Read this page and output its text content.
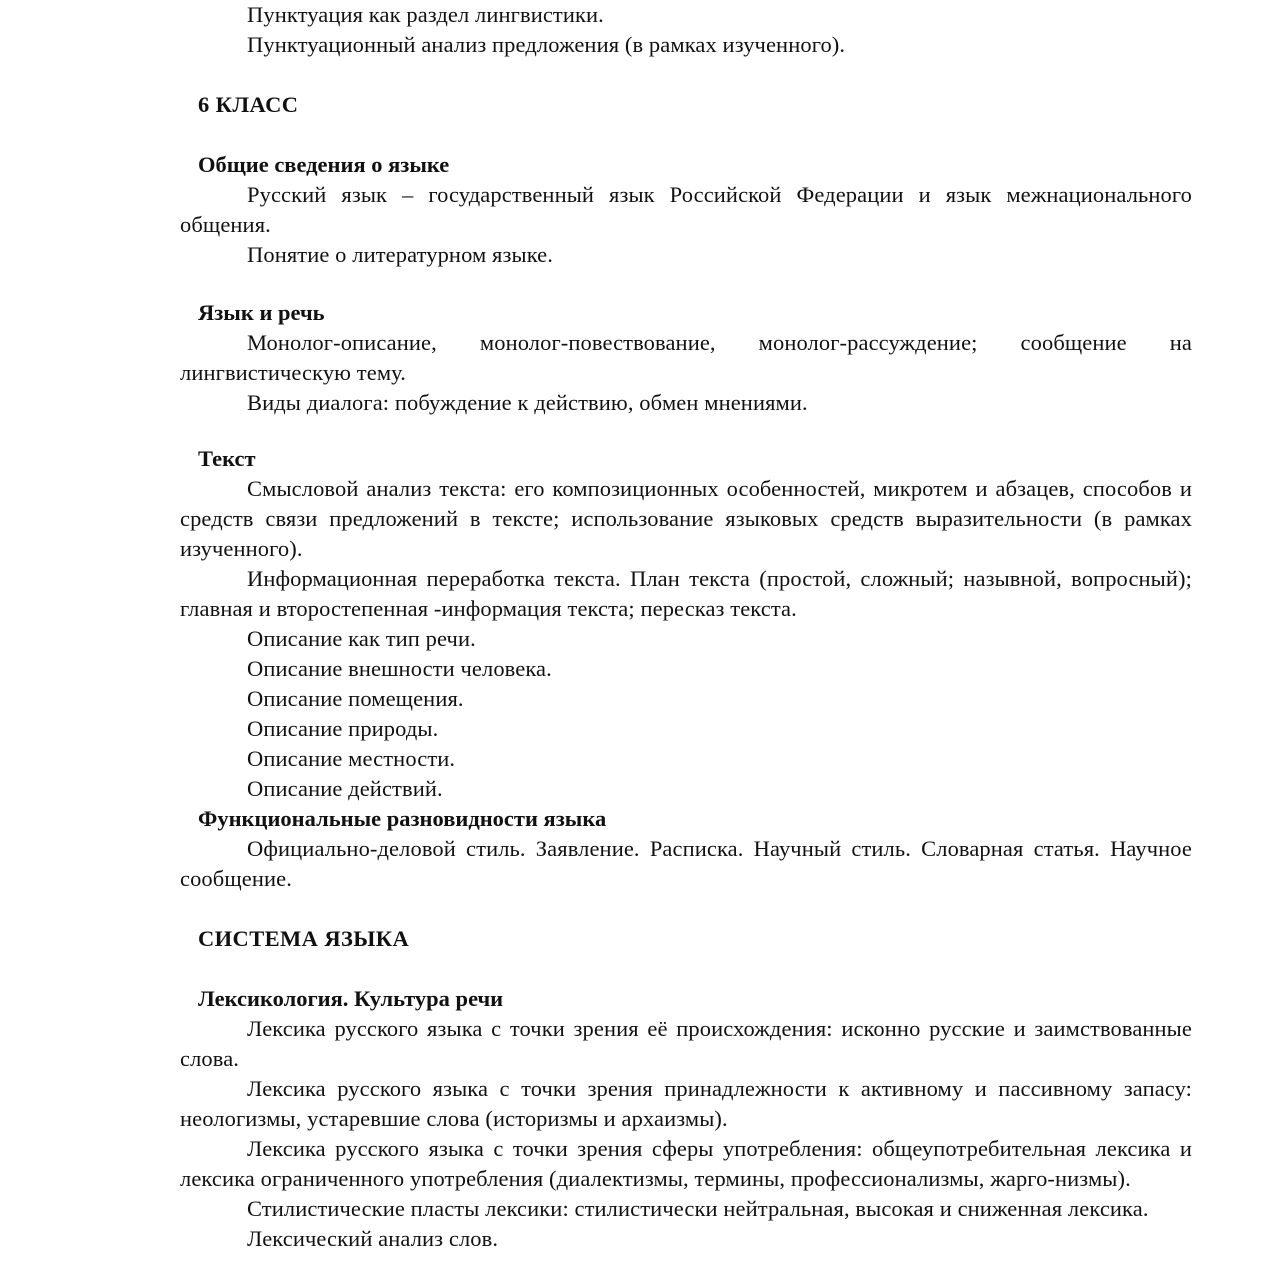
Пунктуация как раздел лингвистики.

Пунктуационный анализ предложения (в рамках изученного).

6 КЛАСС
Общие сведения о языке

Русский язык – государственный язык Российской Федерации и язык межнационального общения.

Понятие о литературном языке.

Язык и речь

Монолог-описание, монолог-повествование, монолог-рассуждение; сообщение на лингвистическую тему.

Виды диалога: побуждение к действию, обмен мнениями.

Текст

Смысловой анализ текста: его композиционных особенностей, микротем и абзацев, способов и средств связи предложений в тексте; использование языковых средств выразительности (в рамках изученного).

Информационная переработка текста. План текста (простой, сложный; назывной, вопросный); главная и второстепенная -информация текста; пересказ текста.

Описание как тип речи.

Описание внешности человека.

Описание помещения.

Описание природы.

Описание местности.

Описание действий.

Функциональные разновидности языка

Официально-деловой стиль. Заявление. Расписка. Научный стиль. Словарная статья. Научное сообщение.

СИСТЕМА ЯЗЫКА
Лексикология. Культура речи

Лексика русского языка с точки зрения её происхождения: исконно русские и заимствованные слова.

Лексика русского языка с точки зрения принадлежности к активному и пассивному запасу: неологизмы, устаревшие слова (историзмы и архаизмы).

Лексика русского языка с точки зрения сферы употребления: общеупотребительная лексика и лексика ограниченного употребления (диалектизмы, термины, профессионализмы, жарго-низмы).

Стилистические пласты лексики: стилистически нейтральная, высокая и сниженная лексика.

Лексический анализ слов.
